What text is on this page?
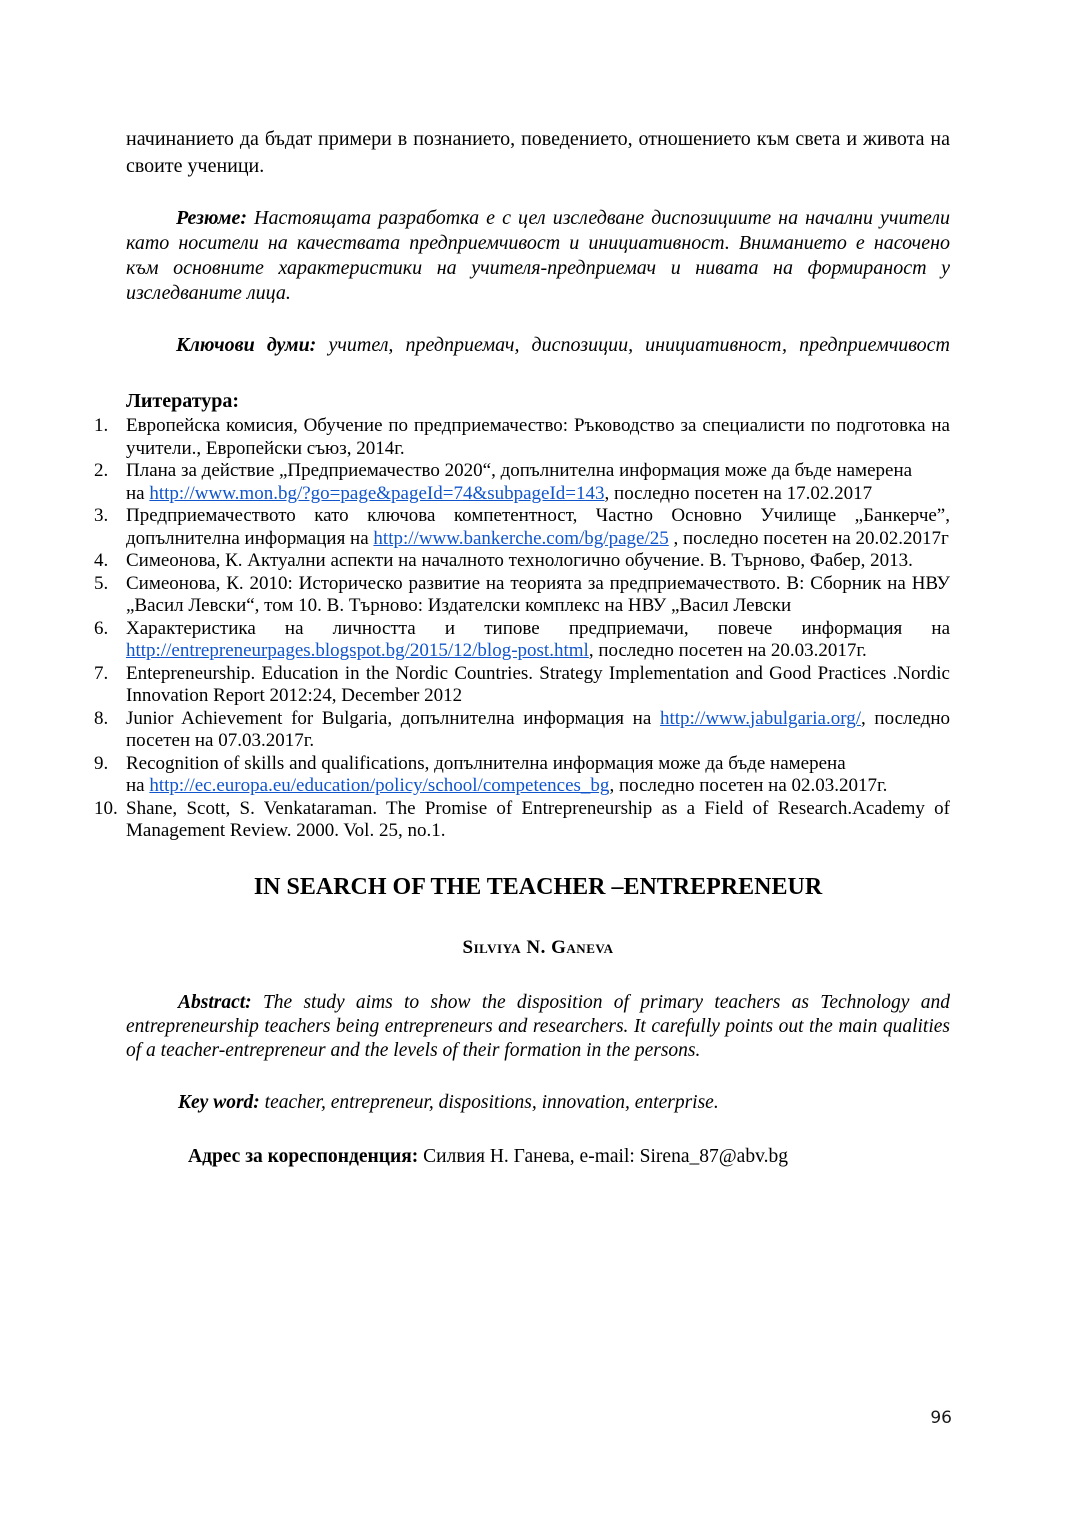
начинанието да бъдат примери в познанието, поведението, отношението към света и живота на своите ученици.

Резюме: Настоящата разработка е с цел изследване диспозициите на начални учители като носители на качествата предприемчивост и инициативност. Вниманието е насочено към основните характеристики на учителя-предприемач и нивата на формираност у изследваните лица.

Ключови думи: учител, предприемач, диспозиции, инициативност, предприемчивост

Литература:

Европейска комисия, Обучение по предприемачество: Ръководство за специалисти по подготовка на учители., Европейски съюз, 2014г.
Плана за действие „Предприемачество 2020“, допълнителна информация може да бъде намерена
на http://www.mon.bg/?go=page&pageId=74&subpageId=143, последно посетен на 17.02.2017
Предприемачеството като ключова компетентност, Частно Основно Училище „Банкерче”, допълнителна информация на http://www.bankerche.com/bg/page/25 , последно посетен на 20.02.2017г
Симеонова, К. Актуални аспекти на началното технологично обучение. В. Търново, Фабер, 2013.
Симеонова, К. 2010: Историческо развитие на теорията за предприемачеството. В: Сборник на НВУ „Васил Левски“, том 10. В. Търново: Издателски комплекс на НВУ „Васил Левски
Характеристика на личността и типове предприемачи, повече информация на http://entrepreneurpages.blogspot.bg/2015/12/blog-post.html, последно посетен на 20.03.2017г.
Entepreneurship. Education in the Nordic Countries. Strategy Implementation and Good Practices .Nordic Innovation Report 2012:24, December 2012
Junior Achievement for Bulgaria, допълнителна информация на http://www.jabulgaria.org/, последно посетен на 07.03.2017г.
Recognition of skills and qualifications, допълнителна информация може да бъде намерена
на http://ec.europa.eu/education/policy/school/competences_bg, последно посетен на 02.03.2017г.
Shane, Scott, S. Venkataraman. The Promise of Entrepreneurship as a Field of Research.Academy of Management Review. 2000. Vol. 25, no.1.

IN SEARCH OF THE TEACHER –ENTREPRENEUR

Silviya N. Ganeva

Abstract: The study aims to show the disposition of primary teachers as Technology and entrepreneurship teachers being entrepreneurs and researchers. It carefully points out the main qualities of a teacher-entrepreneur and the levels of their formation in the persons.

Key word: teacher, entrepreneur, dispositions, innovation, enterprise.

Адрес за кореспонденция: Силвия Н. Ганева, e-mail: Sirena_87@abv.bg

96
